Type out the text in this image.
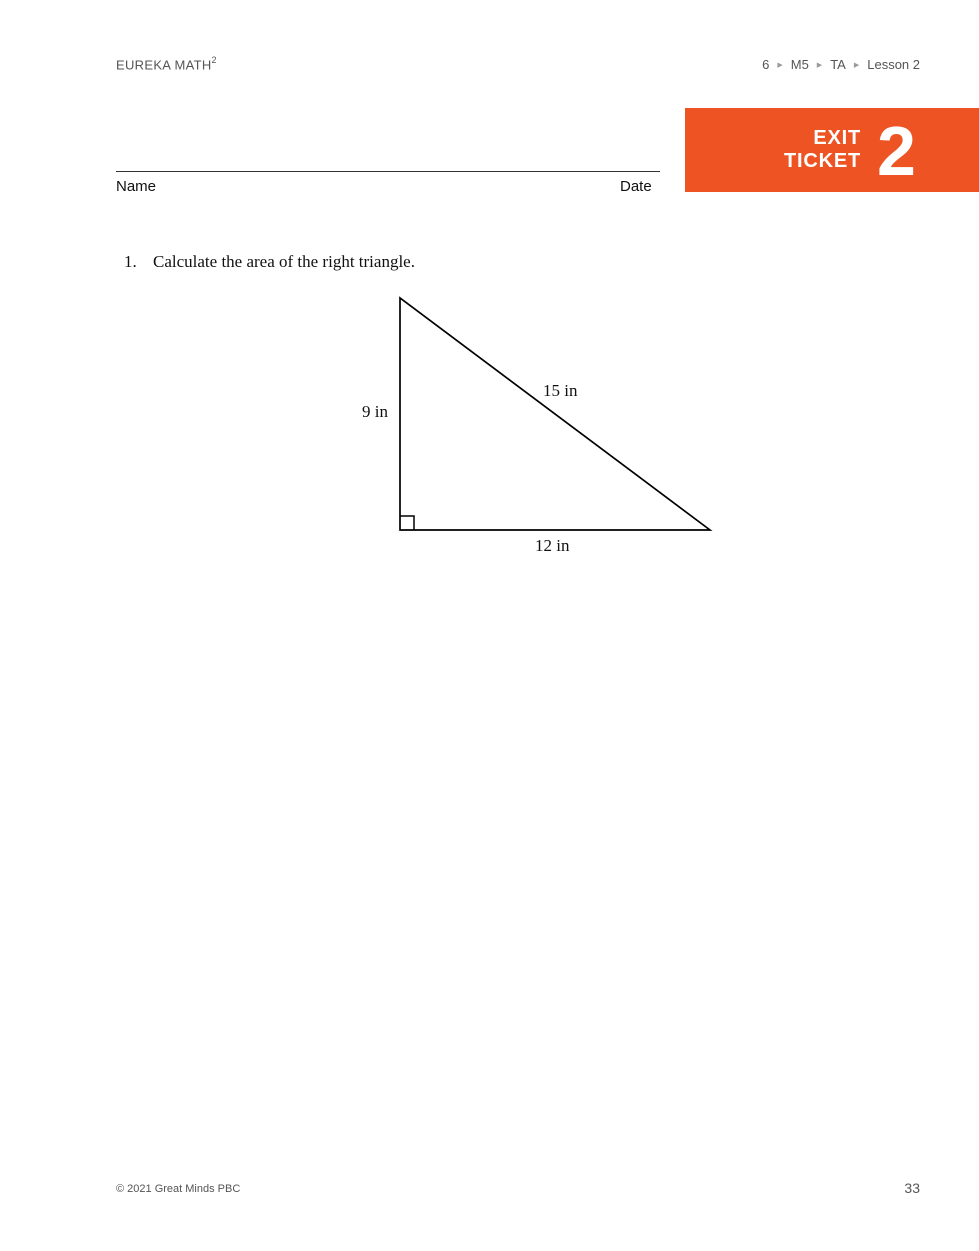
EUREKA MATH$^2$	6 ▶ M5 ▶ TA ▶ Lesson 2
EXIT
TICKET 2
Name	Date
1. Calculate the area of the right triangle.
9 in
15 in
12 in
© 2021 Great Minds PBC	33
